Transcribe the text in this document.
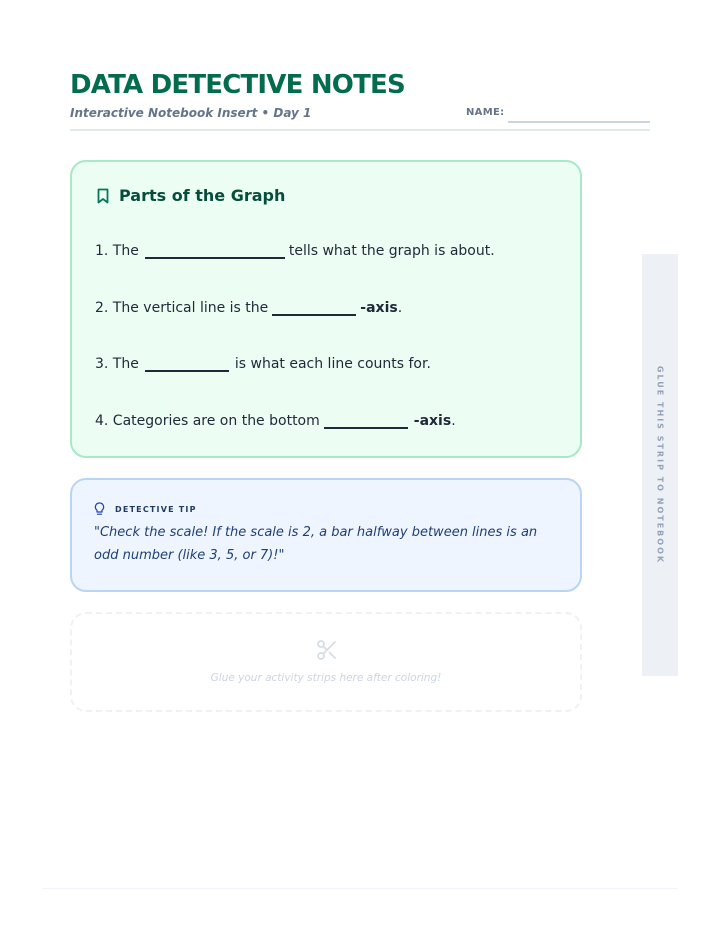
DATA DETECTIVE NOTES
Interactive Notebook Insert • Day 1	NAME:
Parts of the Graph
1. The	tells what the graph is about.
2. The vertical line is the	-axis .
3. The	is what each line counts for.
4. Categories are on the bottom	-axis .
DETECTIVE TIP
"Check the scale! If the scale is 2, a bar halfway between lines is an odd number (like 3, 5, or 7)!"
Glue your activity strips here after coloring!
GLUE THIS STRIP TO NOTEBOOK
